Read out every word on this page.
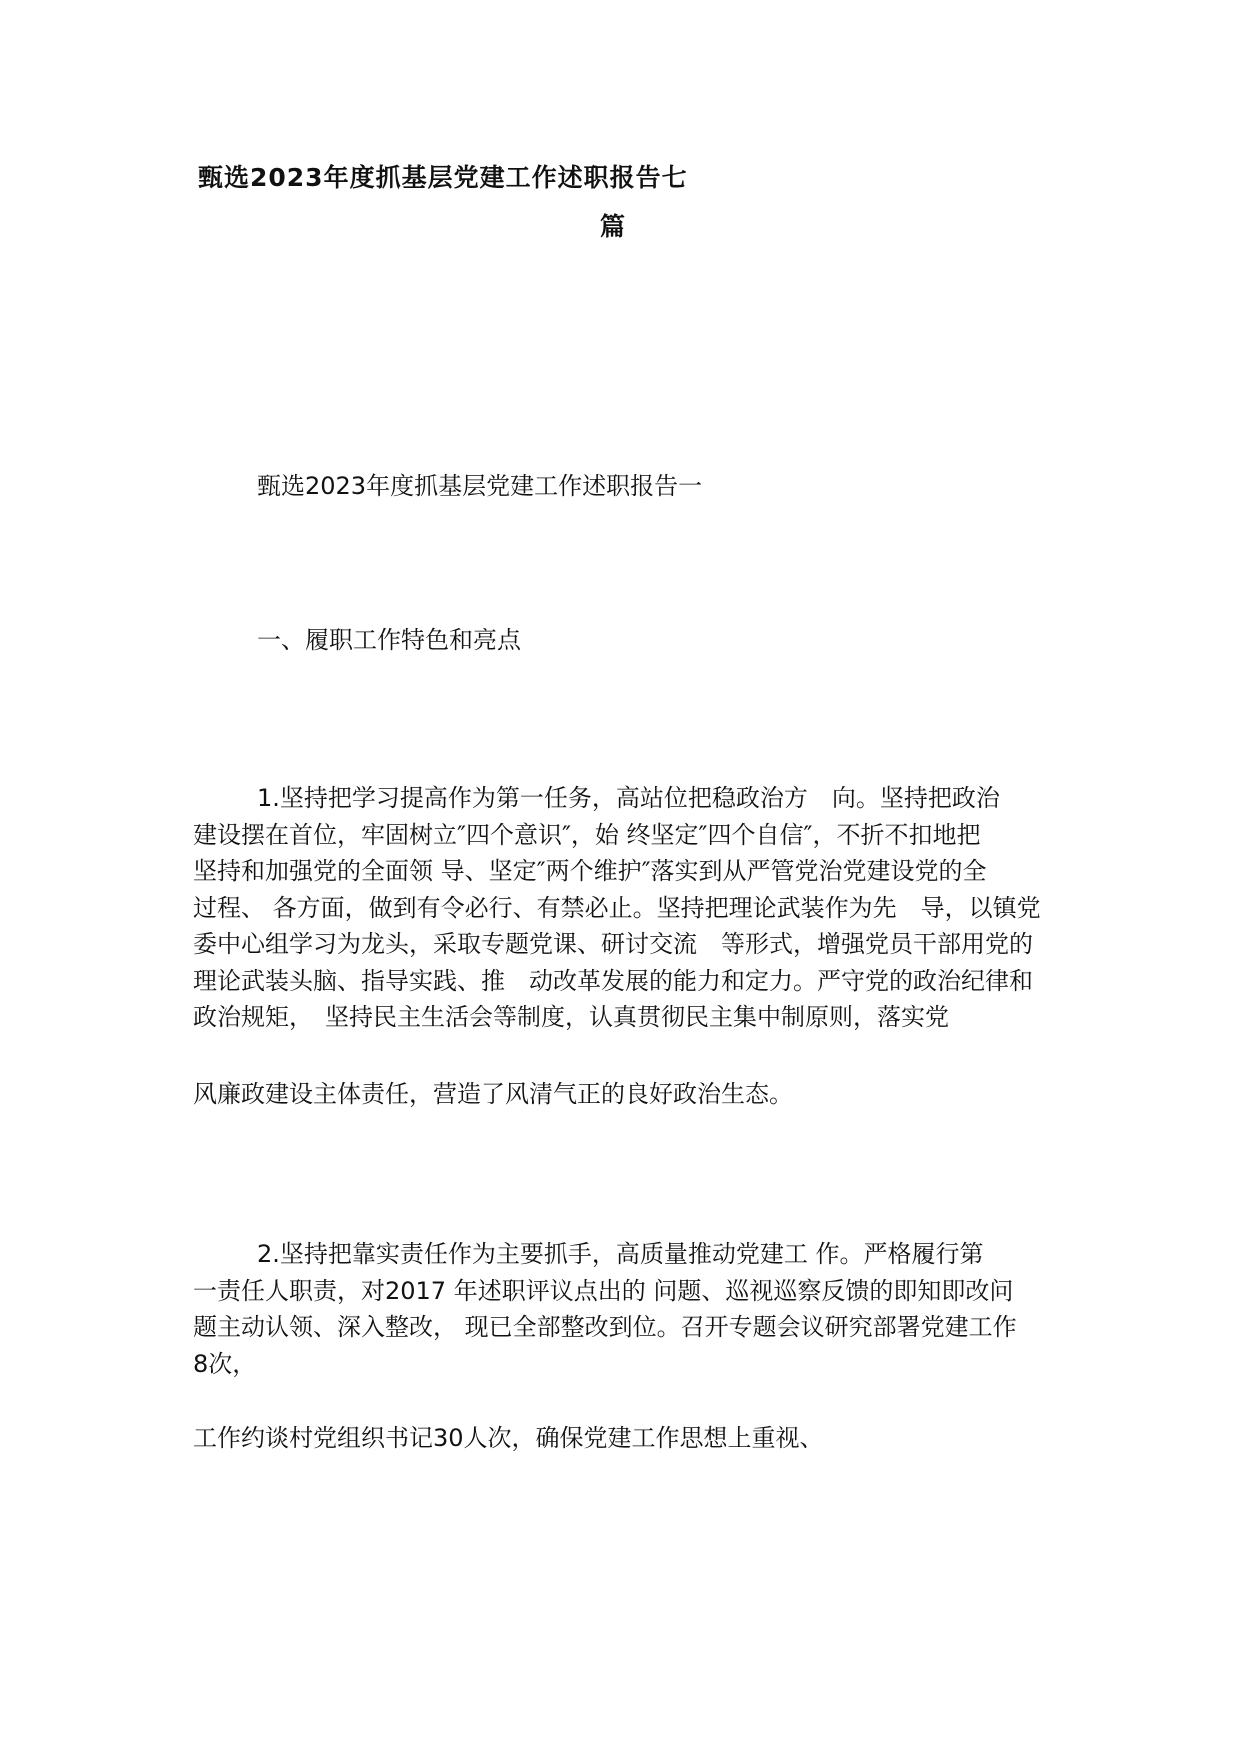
甄选2023年度抓基层党建工作述职报告七
篇
甄选2023年度抓基层党建工作述职报告一
一、履职工作特色和亮点
1.坚持把学习提高作为第一任务，高站位把稳政治方　向。坚持把政治
建设摆在首位，牢固树立″四个意识″，始 终坚定″四个自信″，不折不扣地把
坚持和加强党的全面领 导、坚定″两个维护″落实到从严管党治党建设党的全
过程、 各方面，做到有令必行、有禁必止。坚持把理论武装作为先　导，以镇党
委中心组学习为龙头，采取专题党课、研讨交流　等形式，增强党员干部用党的
理论武装头脑、指导实践、推　动改革发展的能力和定力。严守党的政治纪律和
政治规矩，　坚持民主生活会等制度，认真贯彻民主集中制原则，落实党
风廉政建设主体责任，营造了风清气正的良好政治生态。
2.坚持把靠实责任作为主要抓手，高质量推动党建工 作。严格履行第
一责任人职责，对2017 年述职评议点出的 问题、巡视巡察反馈的即知即改问
题主动认领、深入整改， 现已全部整改到位。召开专题会议研究部署党建工作
8次，
工作约谈村党组织书记30人次，确保党建工作思想上重视、
